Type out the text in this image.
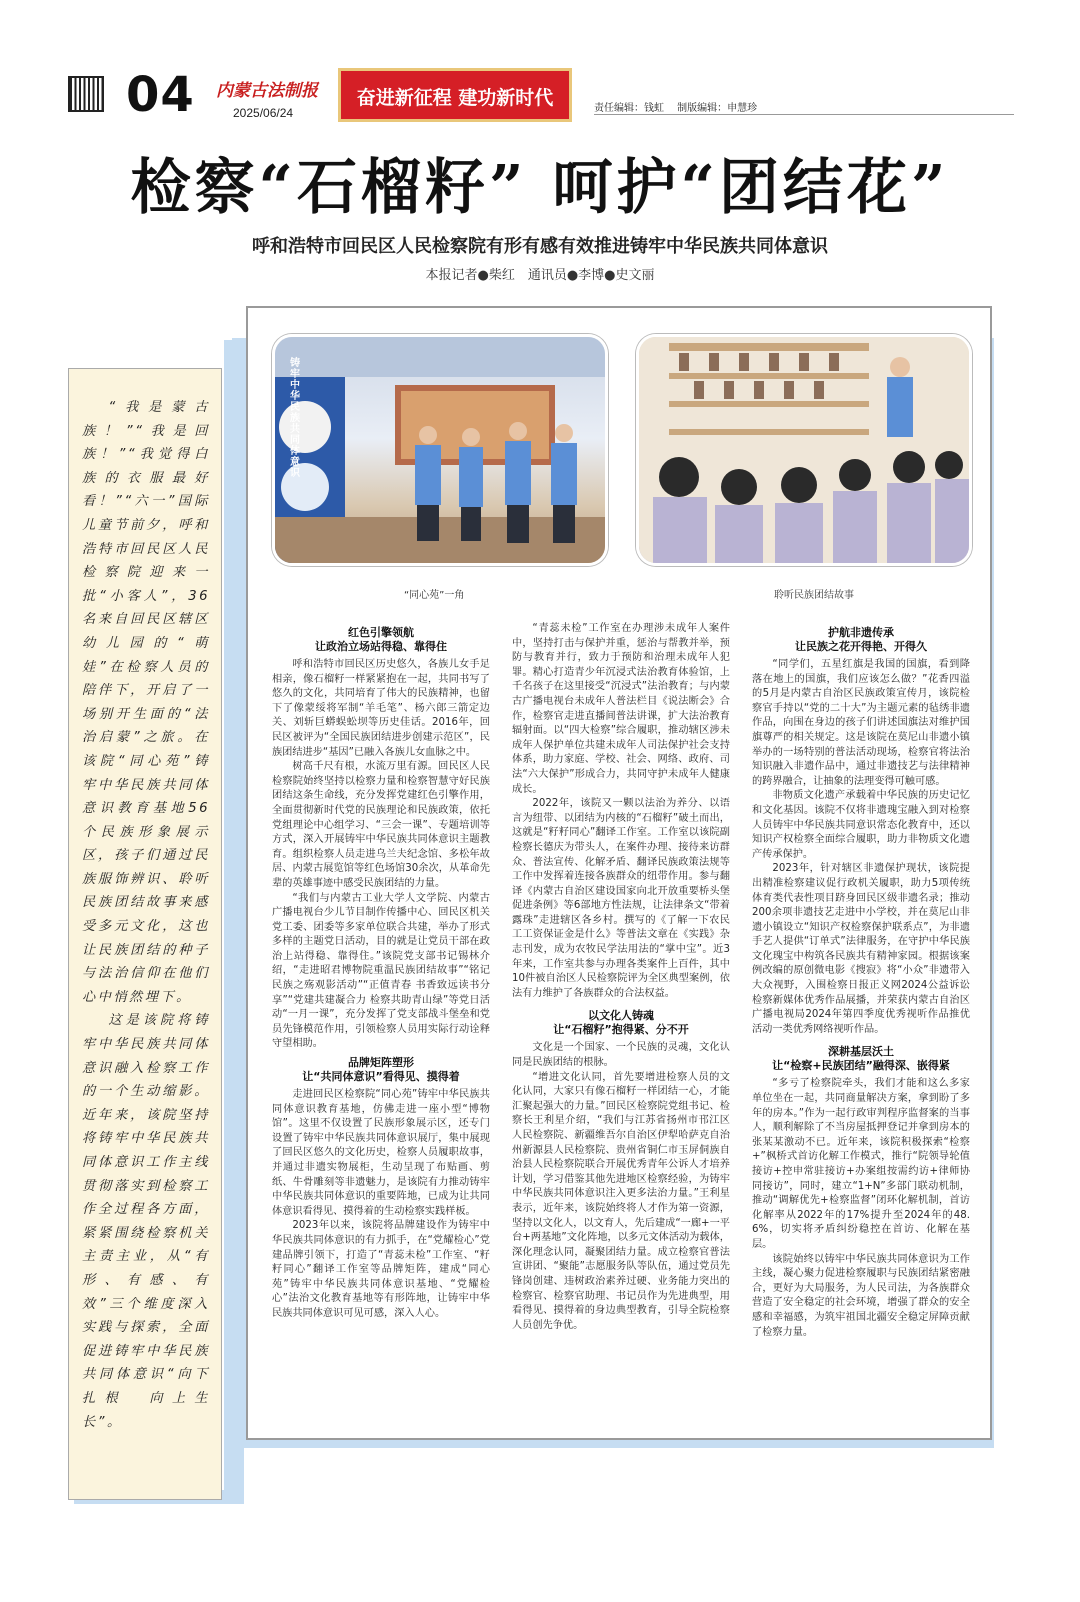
04 内蒙古法制报
2025/06/24
奋进新征程 建功新时代	责任编辑：钱虹　 制版编辑：申慧珍
检察“石榴籽” 呵护“团结花”
呼和浩特市回民区人民检察院有形有感有效推进铸牢中华民族共同体意识
本报记者●柴红　通讯员●李博●史文丽

“我是蒙古族！”“我是回族！”“我觉得白族的衣服最好看！”“六一”国际儿童节前夕，呼和浩特市回民区人民检察院迎来一批“小客人”，36名来自回民区辖区幼儿园的“萌娃”在检察人员的陪伴下，开启了一场别开生面的“法治启蒙”之旅。在该院“同心苑”铸牢中华民族共同体意识教育基地56个民族形象展示区，孩子们通过民族服饰辨识、聆听民族团结故事来感受多元文化，这也让民族团结的种子与法治信仰在他们心中悄然埋下。

这是该院将铸牢中华民族共同体意识融入检察工作的一个生动缩影。近年来，该院坚持将铸牢中华民族共同体意识工作主线贯彻落实到检察工作全过程各方面，紧紧围绕检察机关主责主业，从“有形、有感、有效”三个维度深入实践与探索，全面促进铸牢中华民族共同体意识“向下扎根　向上生长”。

铸牢中华民族共同体意识
“同心苑”一角	聆听民族团结故事
红色引擎领航
让政治立场站得稳、靠得住

呼和浩特市回民区历史悠久，各族儿女手足相亲，像石榴籽一样紧紧抱在一起，共同书写了悠久的文化，共同培育了伟大的民族精神，也留下了像蒙绥将军制“羊毛笔”、杨六郎三箭定边关、刘斩巨蟒蜈蚣坝等历史佳话。2016年，回民区被评为“全国民族团结进步创建示范区”，民族团结进步“基因”已融入各族儿女血脉之中。

树高千尺有根，水流万里有源。回民区人民检察院始终坚持以检察力量和检察智慧守好民族团结这条生命线，充分发挥党建红色引擎作用，全面贯彻新时代党的民族理论和民族政策，依托党组理论中心组学习、“三会一课”、专题培训等方式，深入开展铸牢中华民族共同体意识主题教育。组织检察人员走进乌兰夫纪念馆、多松年故居、内蒙古展览馆等红色场馆30余次，从革命先辈的英雄事迹中感受民族团结的力量。

“我们与内蒙古工业大学人文学院、内蒙古广播电视台少儿节目制作传播中心、回民区机关党工委、团委等多家单位联合共建，举办了形式多样的主题党日活动，目的就是让党员干部在政治上站得稳、靠得住。”该院党支部书记锡林介绍，“走进昭君博物院重温民族团结故事”“铭记民族之殇观影活动”“正值青春 书香致远读书分享”“党建共建凝合力 检察共助青山绿”等党日活动“一月一课”，充分发挥了党支部战斗堡垒和党员先锋模范作用，引领检察人员用实际行动诠释守望相助。

品牌矩阵塑形
让“共同体意识”看得见、摸得着

走进回民区检察院“同心苑”铸牢中华民族共同体意识教育基地，仿佛走进一座小型“博物馆”。这里不仅设置了民族形象展示区，还专门设置了铸牢中华民族共同体意识展厅，集中展现了回民区悠久的文化历史，检察人员履职故事，并通过非遗实物展柜，生动呈现了布贴画、剪纸、牛骨雕刻等非遗魅力，是该院有力推动铸牢中华民族共同体意识的重要阵地，已成为让共同体意识看得见、摸得着的生动检察实践样板。

2023年以来，该院将品牌建设作为铸牢中华民族共同体意识的有力抓手，在“党耀检心”党建品牌引领下，打造了“青蕊未检”工作室、“籽籽同心”翻译工作室等品牌矩阵，建成“同心苑”铸牢中华民族共同体意识基地、“党耀检心”法治文化教育基地等有形阵地，让铸牢中华民族共同体意识可见可感，深入人心。

“青蕊未检”工作室在办理涉未成年人案件中，坚持打击与保护并重，惩治与帮教并举，预防与教育并行，致力于预防和治理未成年人犯罪。精心打造青少年沉浸式法治教育体验馆，上千名孩子在这里接受“沉浸式”法治教育；与内蒙古广播电视台未成年人普法栏目《说法断会》合作，检察官走进直播间普法讲课，扩大法治教育辐射面。以“四大检察”综合履职，推动辖区涉未成年人保护单位共建未成年人司法保护社会支持体系，助力家庭、学校、社会、网络、政府、司法“六大保护”形成合力，共同守护未成年人健康成长。

2022年，该院又一颗以法治为养分、以语言为纽带、以团结为内核的“石榴籽”破土而出，这就是“籽籽同心”翻译工作室。工作室以该院副检察长德庆为带头人，在案件办理、接待来访群众、普法宣传、化解矛盾、翻译民族政策法规等工作中发挥着连接各族群众的纽带作用。参与翻译《内蒙古自治区建设国家向北开放重要桥头堡促进条例》等6部地方性法规，让法律条文“带着露珠”走进辖区各乡村。撰写的《了解一下农民工工资保证金是什么》等普法文章在《实践》杂志刊发，成为农牧民学法用法的“掌中宝”。近3年来，工作室共参与办理各类案件上百件，其中10件被自治区人民检察院评为全区典型案例，依法有力维护了各族群众的合法权益。

以文化人铸魂
让“石榴籽”抱得紧、分不开

文化是一个国家、一个民族的灵魂，文化认同是民族团结的根脉。

“增进文化认同，首先要增进检察人员的文化认同，大家只有像石榴籽一样团结一心，才能汇聚起强大的力量。”回民区检察院党组书记、检察长王利星介绍，“我们与江苏省扬州市邗江区人民检察院、新疆维吾尔自治区伊犁哈萨克自治州新源县人民检察院、贵州省铜仁市玉屏侗族自治县人民检察院联合开展优秀青年公诉人才培养计划，学习借鉴其他先进地区检察经验，为铸牢中华民族共同体意识注入更多法治力量。”王利星表示，近年来，该院始终将人才作为第一资源，坚持以文化人，以文育人，先后建成“一廊+一平台+两基地”文化阵地，以多元文体活动为载体，深化理念认同，凝聚团结力量。成立检察官普法宣讲团、“聚能”志愿服务队等队伍，通过党员先锋岗创建、违树政治素养过硬、业务能力突出的检察官、检察官助理、书记员作为先进典型，用看得见、摸得着的身边典型教育，引导全院检察人员创先争优。

护航非遗传承
让民族之花开得艳、开得久

“同学们，五星红旗是我国的国旗，看到降落在地上的国旗，我们应该怎么做？”花香四溢的5月是内蒙古自治区民族政策宣传月，该院检察官手持以“党的二十大”为主题元素的毡绣非遗作品，向围在身边的孩子们讲述国旗法对维护国旗尊严的相关规定。这是该院在莫尼山非遗小镇举办的一场特别的普法活动现场，检察官将法治知识融入非遗作品中，通过非遗技艺与法律精神的跨界融合，让抽象的法理变得可触可感。

非物质文化遗产承载着中华民族的历史记忆和文化基因。该院不仅将非遗瑰宝融入到对检察人员铸牢中华民族共同意识常态化教育中，还以知识产权检察全面综合履职，助力非物质文化遗产传承保护。

2023年，针对辖区非遗保护现状，该院提出精准检察建议促行政机关履职，助力5项传统体育类代表性项目跻身回民区级非遗名录；推动200余项非遗技艺走进中小学校，并在莫尼山非遗小镇设立“知识产权检察保护联系点”，为非遗手艺人提供“订单式”法律服务，在守护中华民族文化瑰宝中构筑各民族共有精神家园。根据该案例改编的原创微电影《搜寂》将“小众”非遗带入大众视野，入围检察日报正义网2024公益诉讼检察新媒体优秀作品展播，并荣获内蒙古自治区广播电视局2024年第四季度优秀视听作品推优活动一类优秀网络视听作品。

深耕基层沃土
让“检察+民族团结”融得深、嵌得紧

“多亏了检察院牵头，我们才能和这么多家单位坐在一起，共同商量解决方案，拿到盼了多年的房本。”作为一起行政审判程序监督案的当事人，顺利解除了不当房屋抵押登记并拿到房本的张某某激动不已。近年来，该院积极探索“检察+”枫桥式首访化解工作模式，推行“院领导轮值接访+控申常驻接访+办案组按需约访+律师协同接访”，同时，建立“1+N”多部门联动机制，推动“调解优先+检察监督”闭环化解机制，首访化解率从2022年的17%提升至2024年的48.6%，切实将矛盾纠纷稳控在首访、化解在基层。

该院始终以铸牢中华民族共同体意识为工作主线，凝心聚力促进检察履职与民族团结紧密融合，更好为大局服务，为人民司法，为各族群众营造了安全稳定的社会环境，增强了群众的安全感和幸福感，为筑牢祖国北疆安全稳定屏障贡献了检察力量。
